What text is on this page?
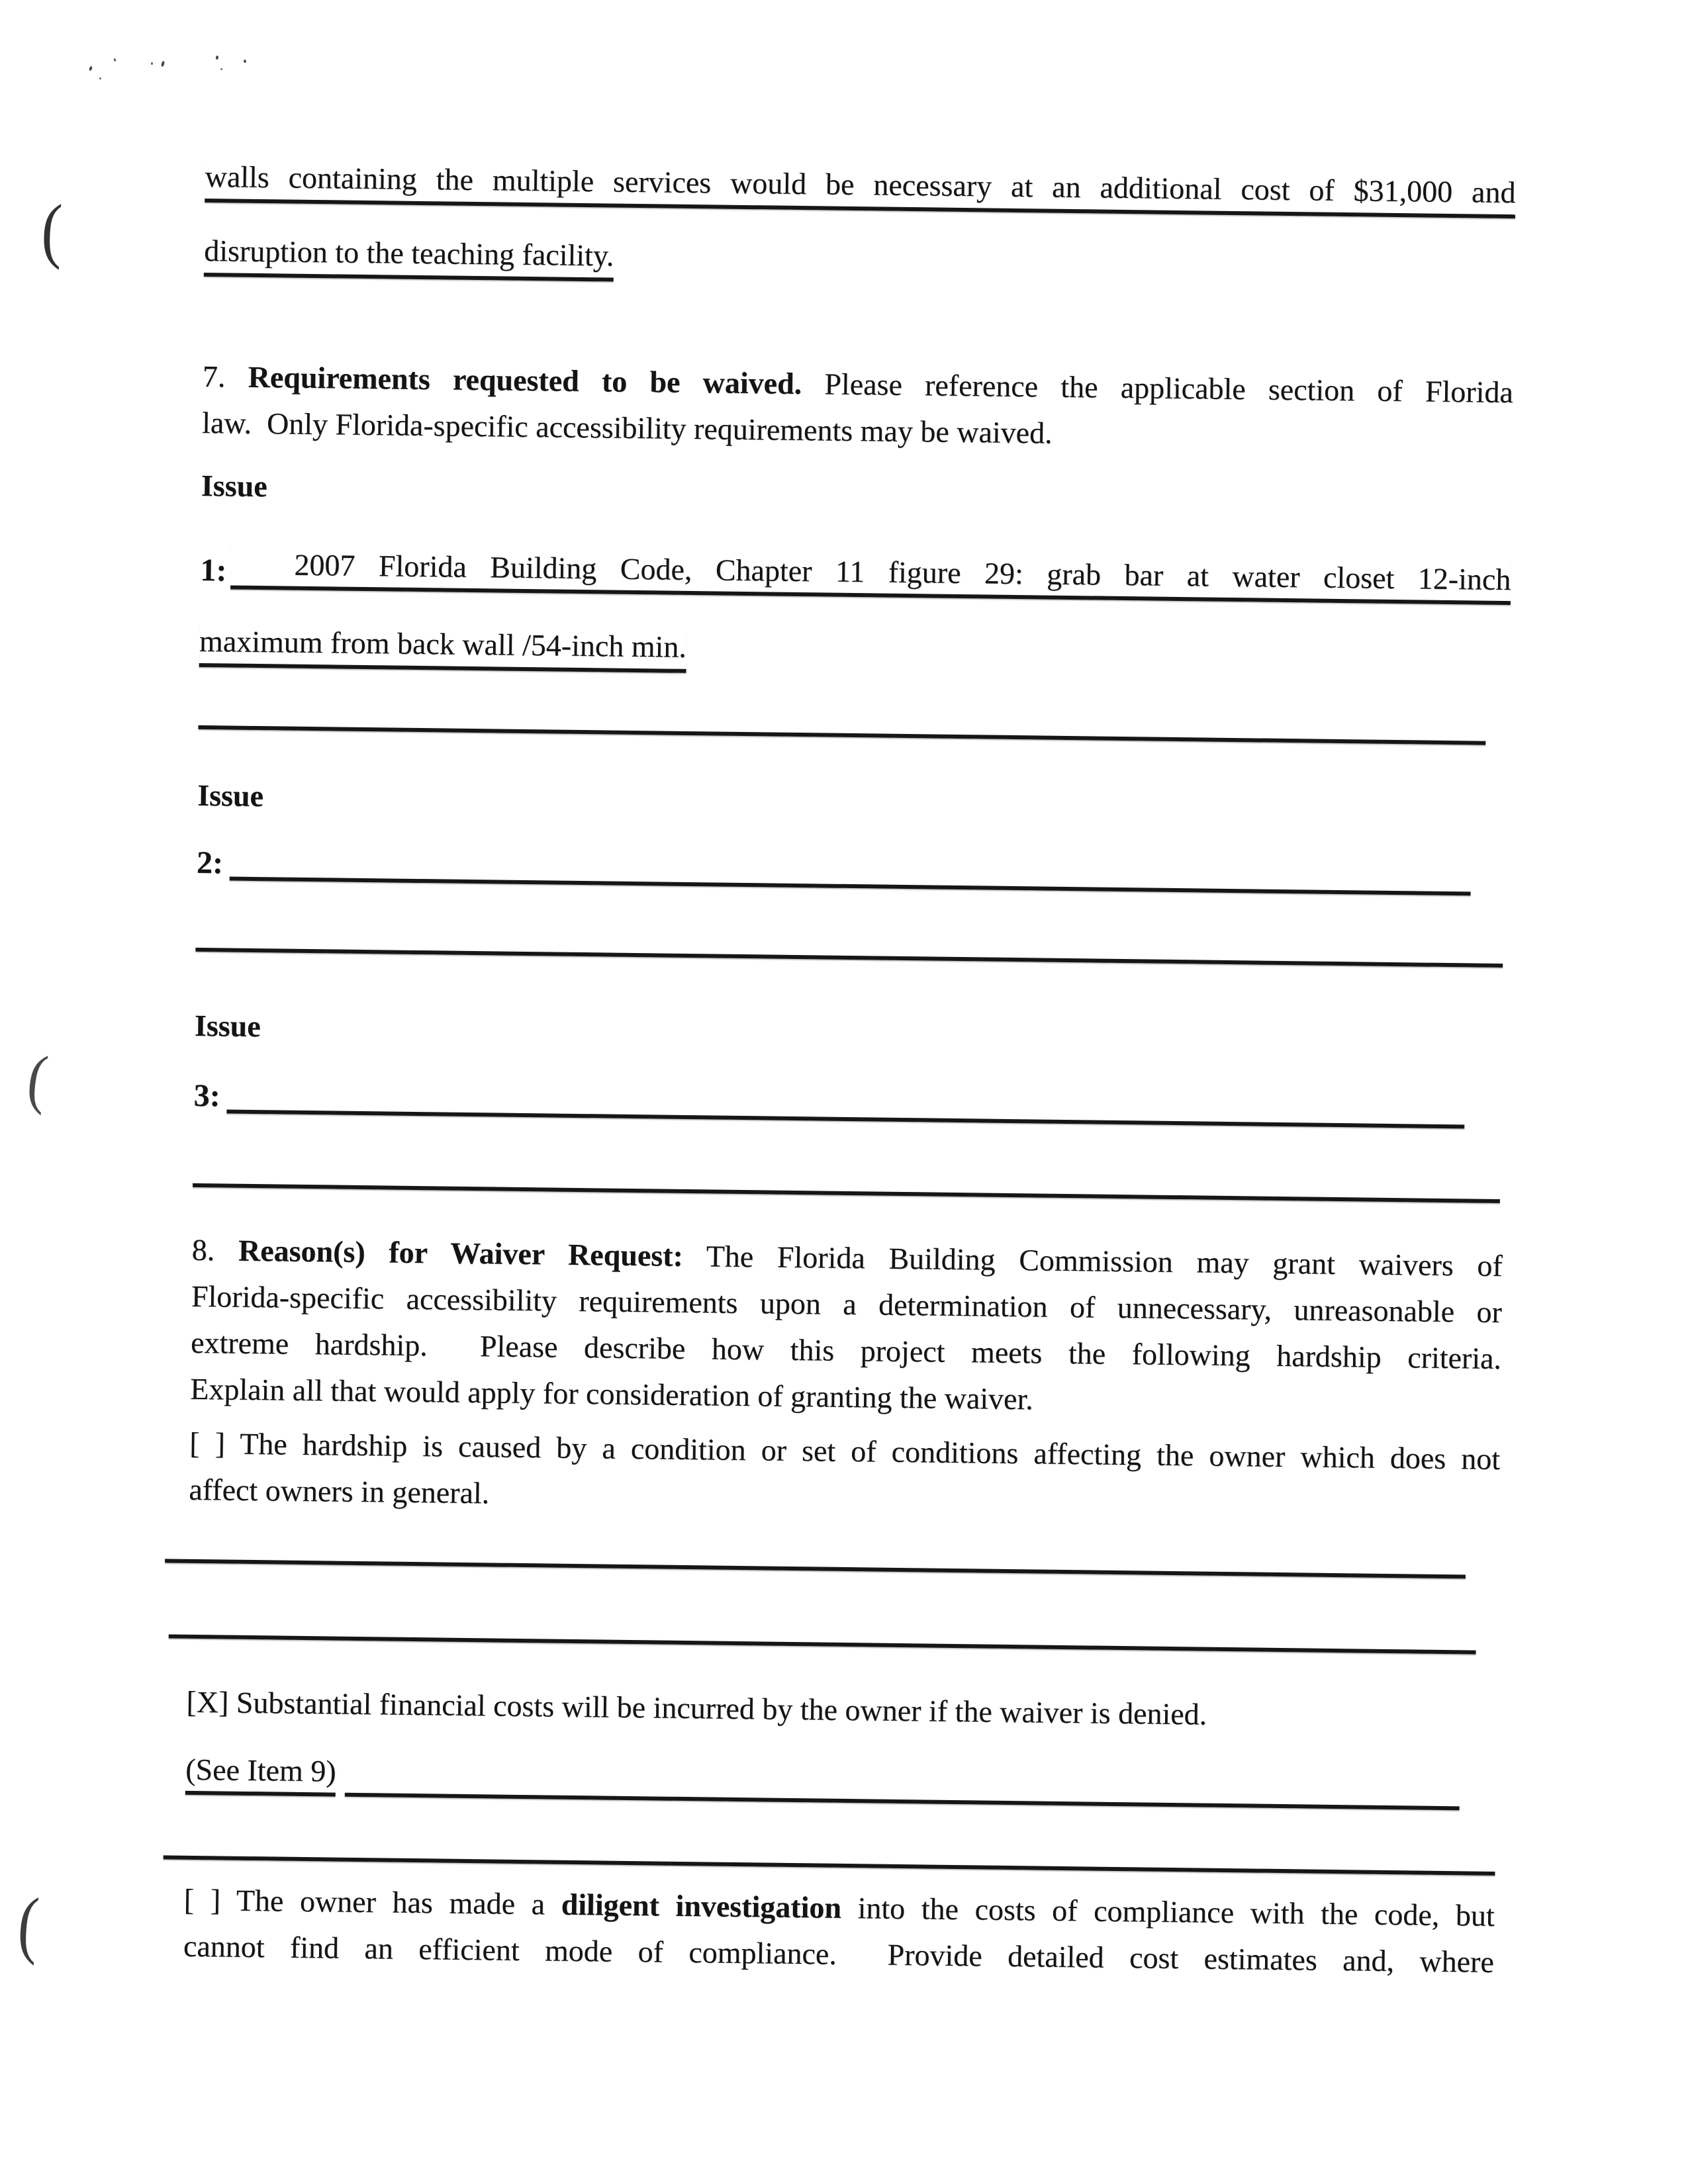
(
(
(
walls containing the multiple services would be necessary at an additional cost of $31,000 and
disruption to the teaching facility.
7. Requirements requested to be waived. Please reference the applicable section of Florida
law.  Only Florida-specific accessibility requirements may be waived.
Issue
1:	2007 Florida Building Code, Chapter 11 figure 29: grab bar at water closet 12-inch
maximum from back wall /54-inch min.
Issue
2:
Issue
3:
8. Reason(s) for Waiver Request: The Florida Building Commission may grant waivers of
Florida-specific accessibility requirements upon a determination of unnecessary, unreasonable or
extreme hardship.  Please describe how this project meets the following hardship criteria.
Explain all that would apply for consideration of granting the waiver.
[ ] The hardship is caused by a condition or set of conditions affecting the owner which does not
affect owners in general.
[X] Substantial financial costs will be incurred by the owner if the waiver is denied.
(See Item 9)
[ ] The owner has made a diligent investigation into the costs of compliance with the code, but
cannot find an efficient mode of compliance.  Provide detailed cost estimates and, where
